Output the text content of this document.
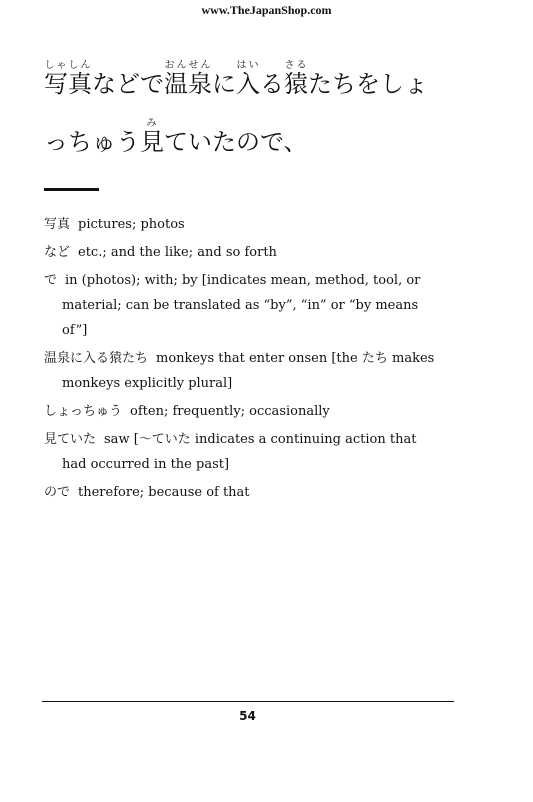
www.TheJapanShop.com
写真しゃしんなどで温泉おんせんに入はいる猿さるたちをしょ
っちゅう見みていたので、
写真 pictures; photos
など etc.; and the like; and so forth
で in (photos); with; by [indicates mean, method, tool, or material; can be translated as “by”, “in” or “by means of”]
温泉に入る猿たち monkeys that enter onsen [the たち makes monkeys explicitly plural]
しょっちゅう often; frequently; occasionally
見ていた saw [〜ていた indicates a continuing action that had occurred in the past]
ので therefore; because of that
54
